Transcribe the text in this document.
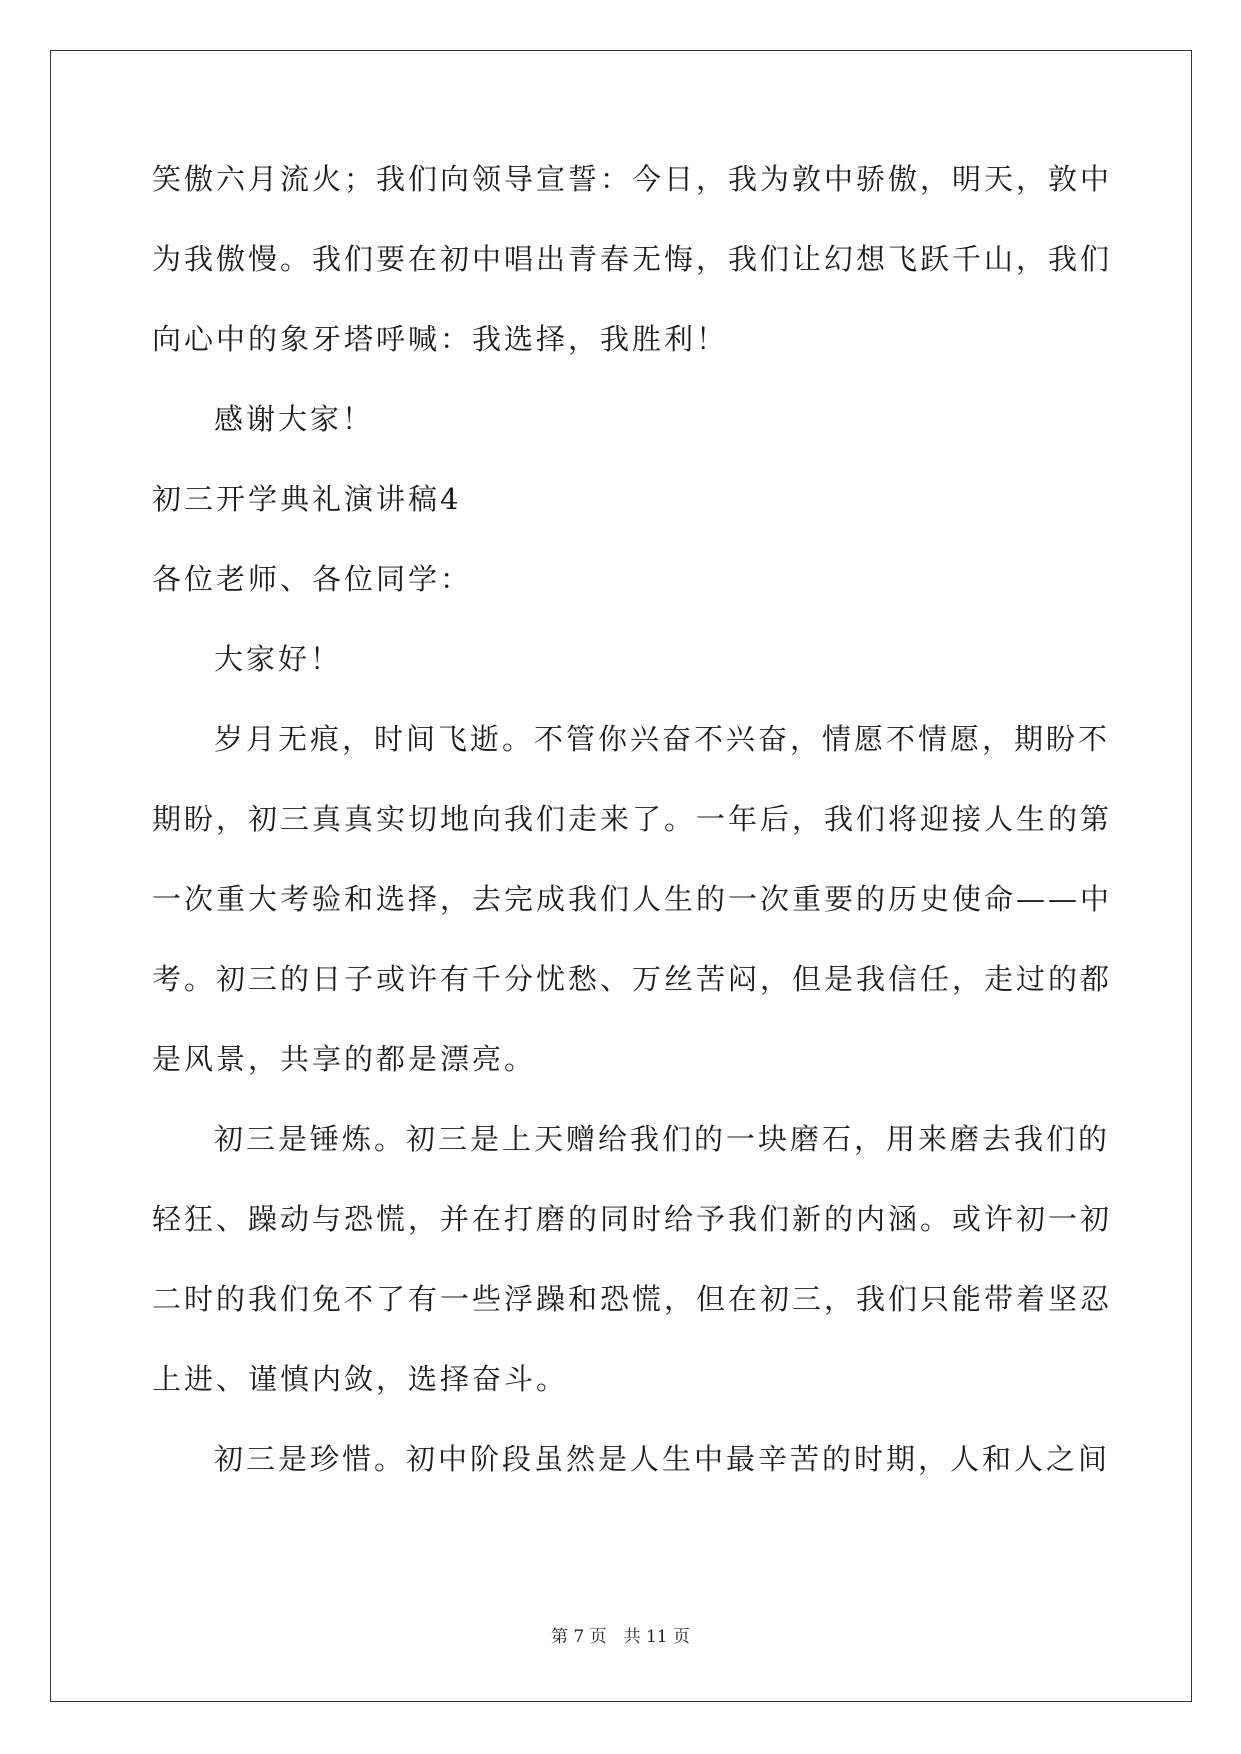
笑傲六月流火；我们向领导宣誓：今日，我为敦中骄傲，明天，敦中
为我傲慢。我们要在初中唱出青春无悔，我们让幻想飞跃千山，我们
向心中的象牙塔呼喊：我选择，我胜利！
感谢大家！
初三开学典礼演讲稿4
各位老师、各位同学：
大家好！
岁月无痕，时间飞逝。不管你兴奋不兴奋，情愿不情愿，期盼不
期盼，初三真真实切地向我们走来了。一年后，我们将迎接人生的第
一次重大考验和选择，去完成我们人生的一次重要的历史使命——中
考。初三的日子或许有千分忧愁、万丝苦闷，但是我信任，走过的都
是风景，共享的都是漂亮。
初三是锤炼。初三是上天赠给我们的一块磨石，用来磨去我们的
轻狂、躁动与恐慌，并在打磨的同时给予我们新的内涵。或许初一初
二时的我们免不了有一些浮躁和恐慌，但在初三，我们只能带着坚忍
上进、谨慎内敛，选择奋斗。
初三是珍惜。初中阶段虽然是人生中最辛苦的时期，人和人之间
第 7 页　共 11 页
